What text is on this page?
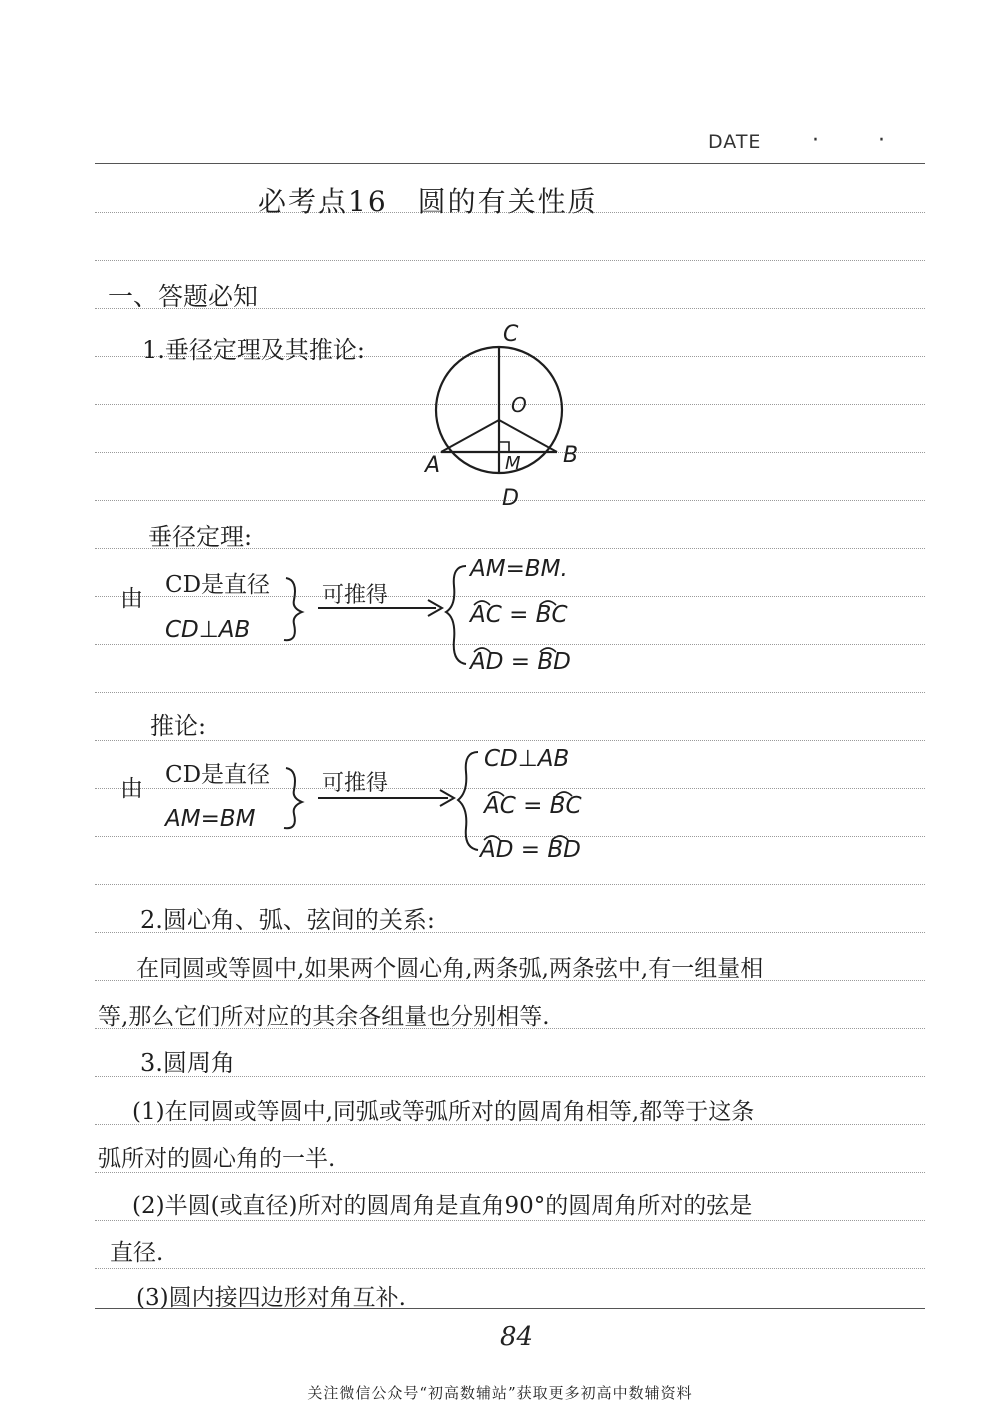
DATE · ·
必考点16　圆的有关性质
一、答题必知
1.垂径定理及其推论:
C
O
A	B
M
D
垂径定理:
由
CD是直径
CD⊥AB
可推得
AM=BM.
AC = BC
AD = BD
推论:
由
CD是直径
AM=BM
可推得
CD⊥AB
AC = BC
AD = BD
2.圆心角、弧、弦间的关系:
在同圆或等圆中,如果两个圆心角,两条弧,两条弦中,有一组量相
等,那么它们所对应的其余各组量也分别相等.
3.圆周角
(1)在同圆或等圆中,同弧或等弧所对的圆周角相等,都等于这条
弧所对的圆心角的一半.
(2)半圆(或直径)所对的圆周角是直角90°的圆周角所对的弦是
直径.
(3)圆内接四边形对角互补.
84
关注微信公众号“初高数辅站”获取更多初高中数辅资料
